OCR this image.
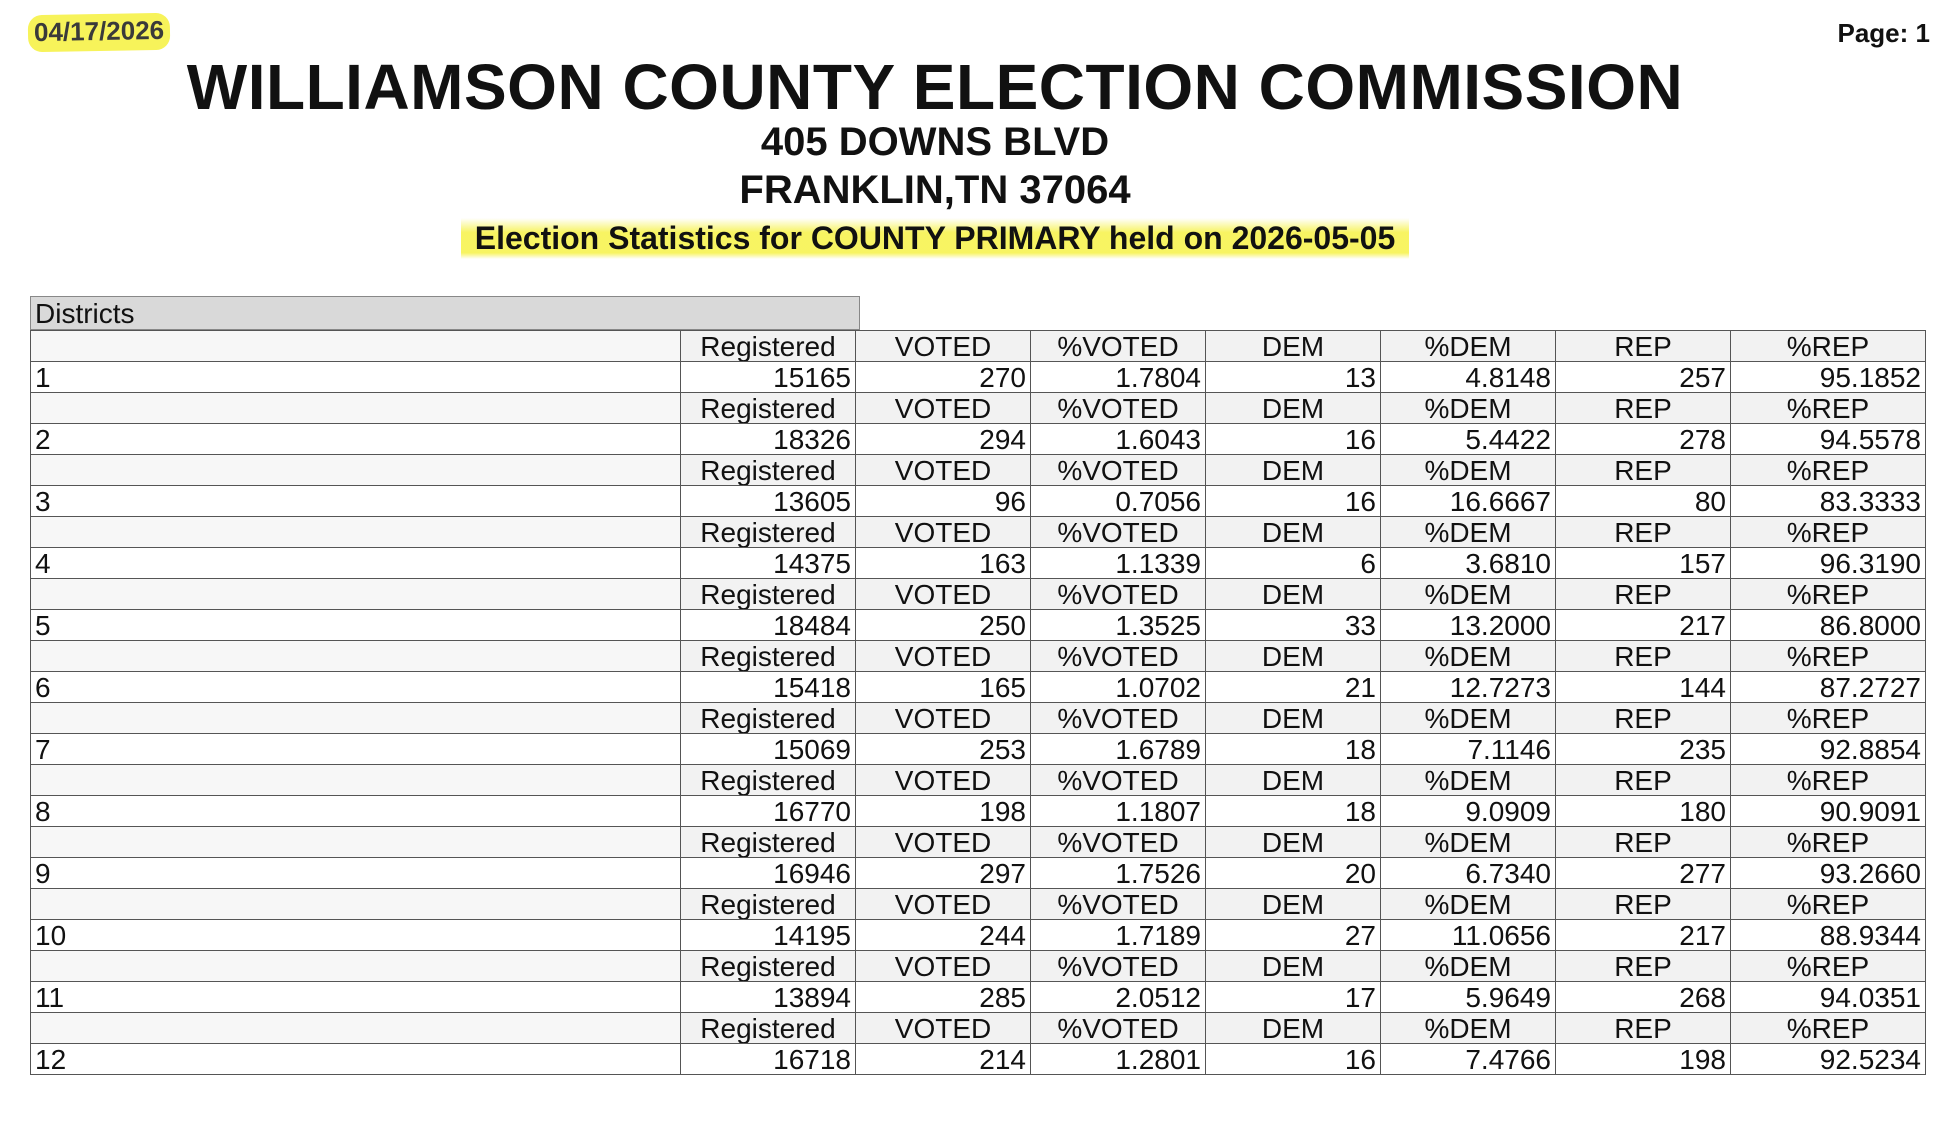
04/17/2026	Page: 1
WILLIAMSON COUNTY ELECTION COMMISSION
405 DOWNS BLVD
FRANKLIN,TN 37064
Election Statistics for COUNTY PRIMARY held on 2026-05-05
Districts
	Registered	VOTED	%VOTED	DEM	%DEM	REP	%REP
1	15165	270	1.7804	13	4.8148	257	95.1852
	Registered	VOTED	%VOTED	DEM	%DEM	REP	%REP
2	18326	294	1.6043	16	5.4422	278	94.5578
	Registered	VOTED	%VOTED	DEM	%DEM	REP	%REP
3	13605	96	0.7056	16	16.6667	80	83.3333
	Registered	VOTED	%VOTED	DEM	%DEM	REP	%REP
4	14375	163	1.1339	6	3.6810	157	96.3190
	Registered	VOTED	%VOTED	DEM	%DEM	REP	%REP
5	18484	250	1.3525	33	13.2000	217	86.8000
	Registered	VOTED	%VOTED	DEM	%DEM	REP	%REP
6	15418	165	1.0702	21	12.7273	144	87.2727
	Registered	VOTED	%VOTED	DEM	%DEM	REP	%REP
7	15069	253	1.6789	18	7.1146	235	92.8854
	Registered	VOTED	%VOTED	DEM	%DEM	REP	%REP
8	16770	198	1.1807	18	9.0909	180	90.9091
	Registered	VOTED	%VOTED	DEM	%DEM	REP	%REP
9	16946	297	1.7526	20	6.7340	277	93.2660
	Registered	VOTED	%VOTED	DEM	%DEM	REP	%REP
10	14195	244	1.7189	27	11.0656	217	88.9344
	Registered	VOTED	%VOTED	DEM	%DEM	REP	%REP
11	13894	285	2.0512	17	5.9649	268	94.0351
	Registered	VOTED	%VOTED	DEM	%DEM	REP	%REP
12	16718	214	1.2801	16	7.4766	198	92.5234
